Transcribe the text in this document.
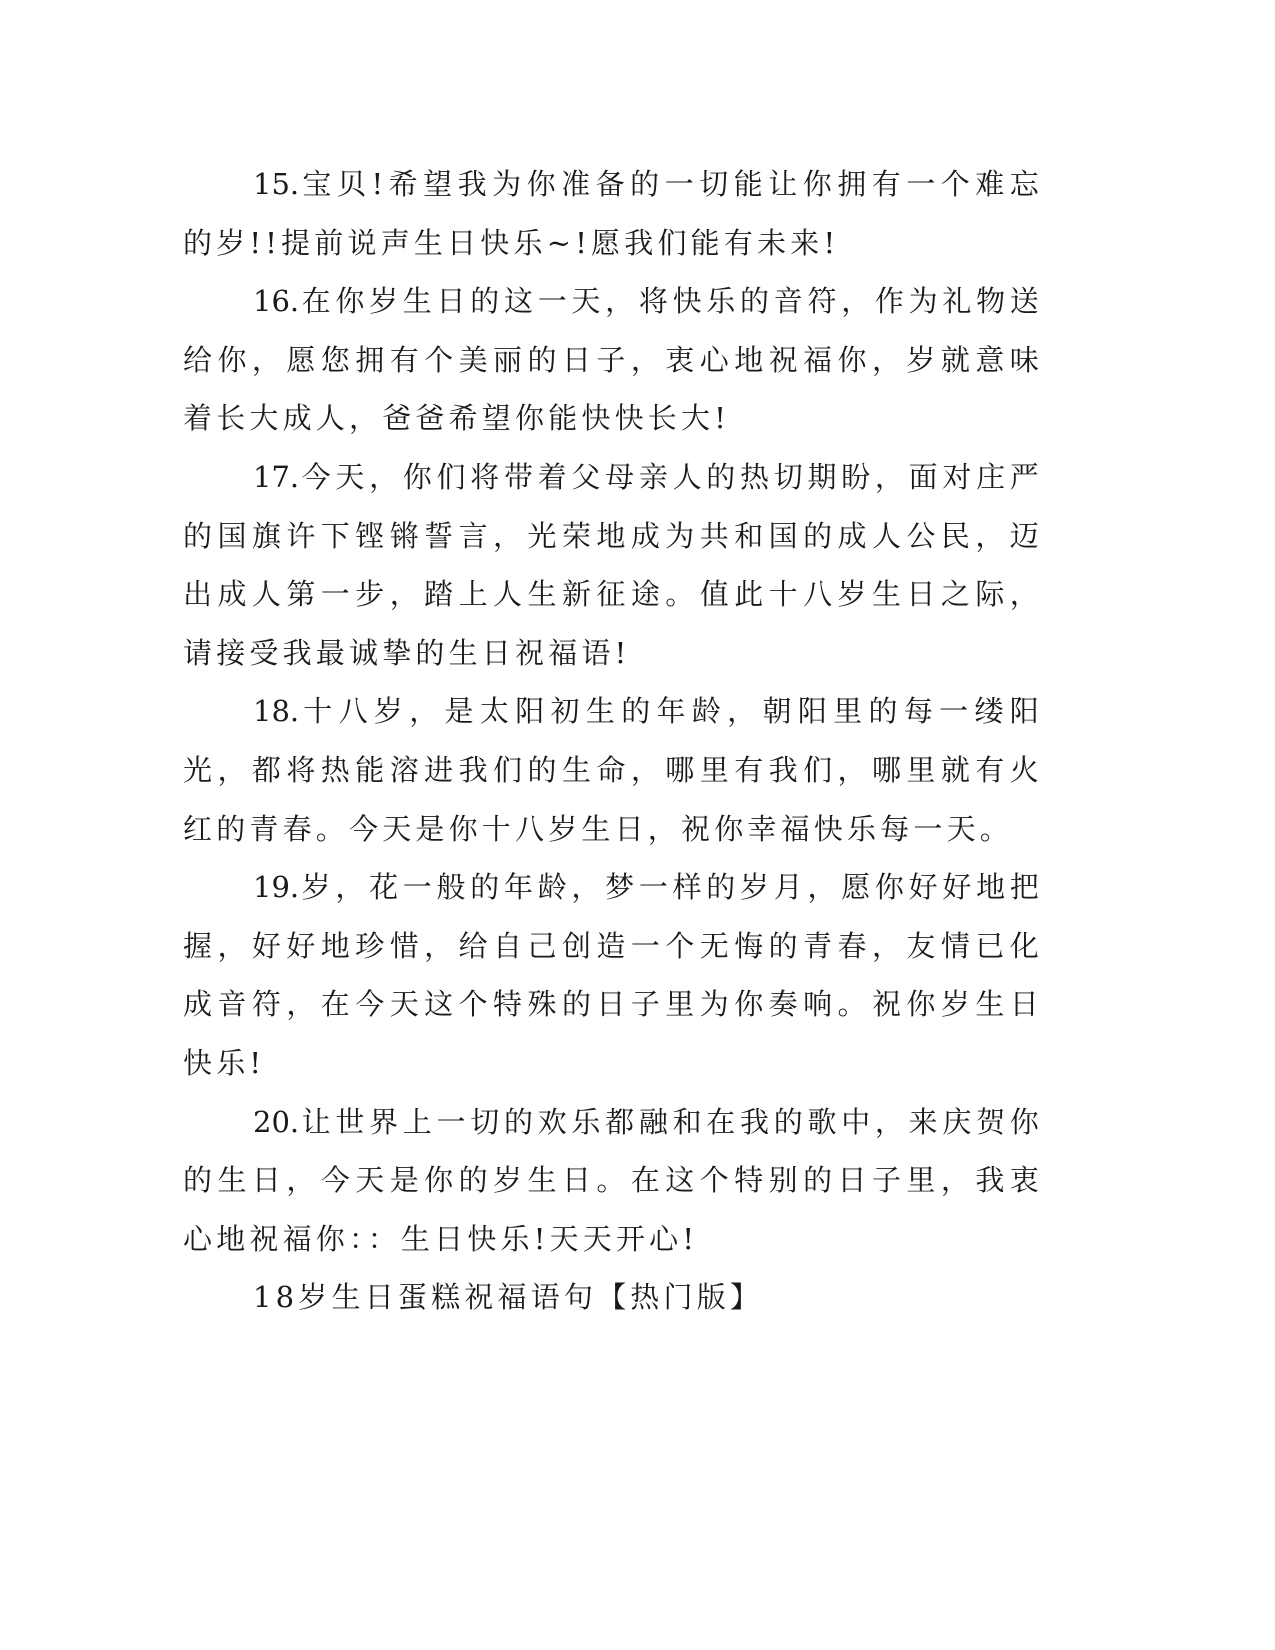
15.宝贝!希望我为你准备的一切能让你拥有一个难忘的岁!!提前说声生日快乐~!愿我们能有未来!

16.在你岁生日的这一天，将快乐的音符，作为礼物送给你，愿您拥有个美丽的日子，衷心地祝福你，岁就意味着长大成人，爸爸希望你能快快长大!

17.今天，你们将带着父母亲人的热切期盼，面对庄严的国旗许下铿锵誓言，光荣地成为共和国的成人公民，迈出成人第一步，踏上人生新征途。值此十八岁生日之际，请接受我最诚挚的生日祝福语!

18.十八岁，是太阳初生的年龄，朝阳里的每一缕阳光，都将热能溶进我们的生命，哪里有我们，哪里就有火红的青春。今天是你十八岁生日，祝你幸福快乐每一天。

19.岁，花一般的年龄，梦一样的岁月，愿你好好地把握，好好地珍惜，给自己创造一个无悔的青春，友情已化成音符，在今天这个特殊的日子里为你奏响。祝你岁生日快乐!

20.让世界上一切的欢乐都融和在我的歌中，来庆贺你的生日，今天是你的岁生日。在这个特别的日子里，我衷心地祝福你：：生日快乐!天天开心!

18岁生日蛋糕祝福语句【热门版】
